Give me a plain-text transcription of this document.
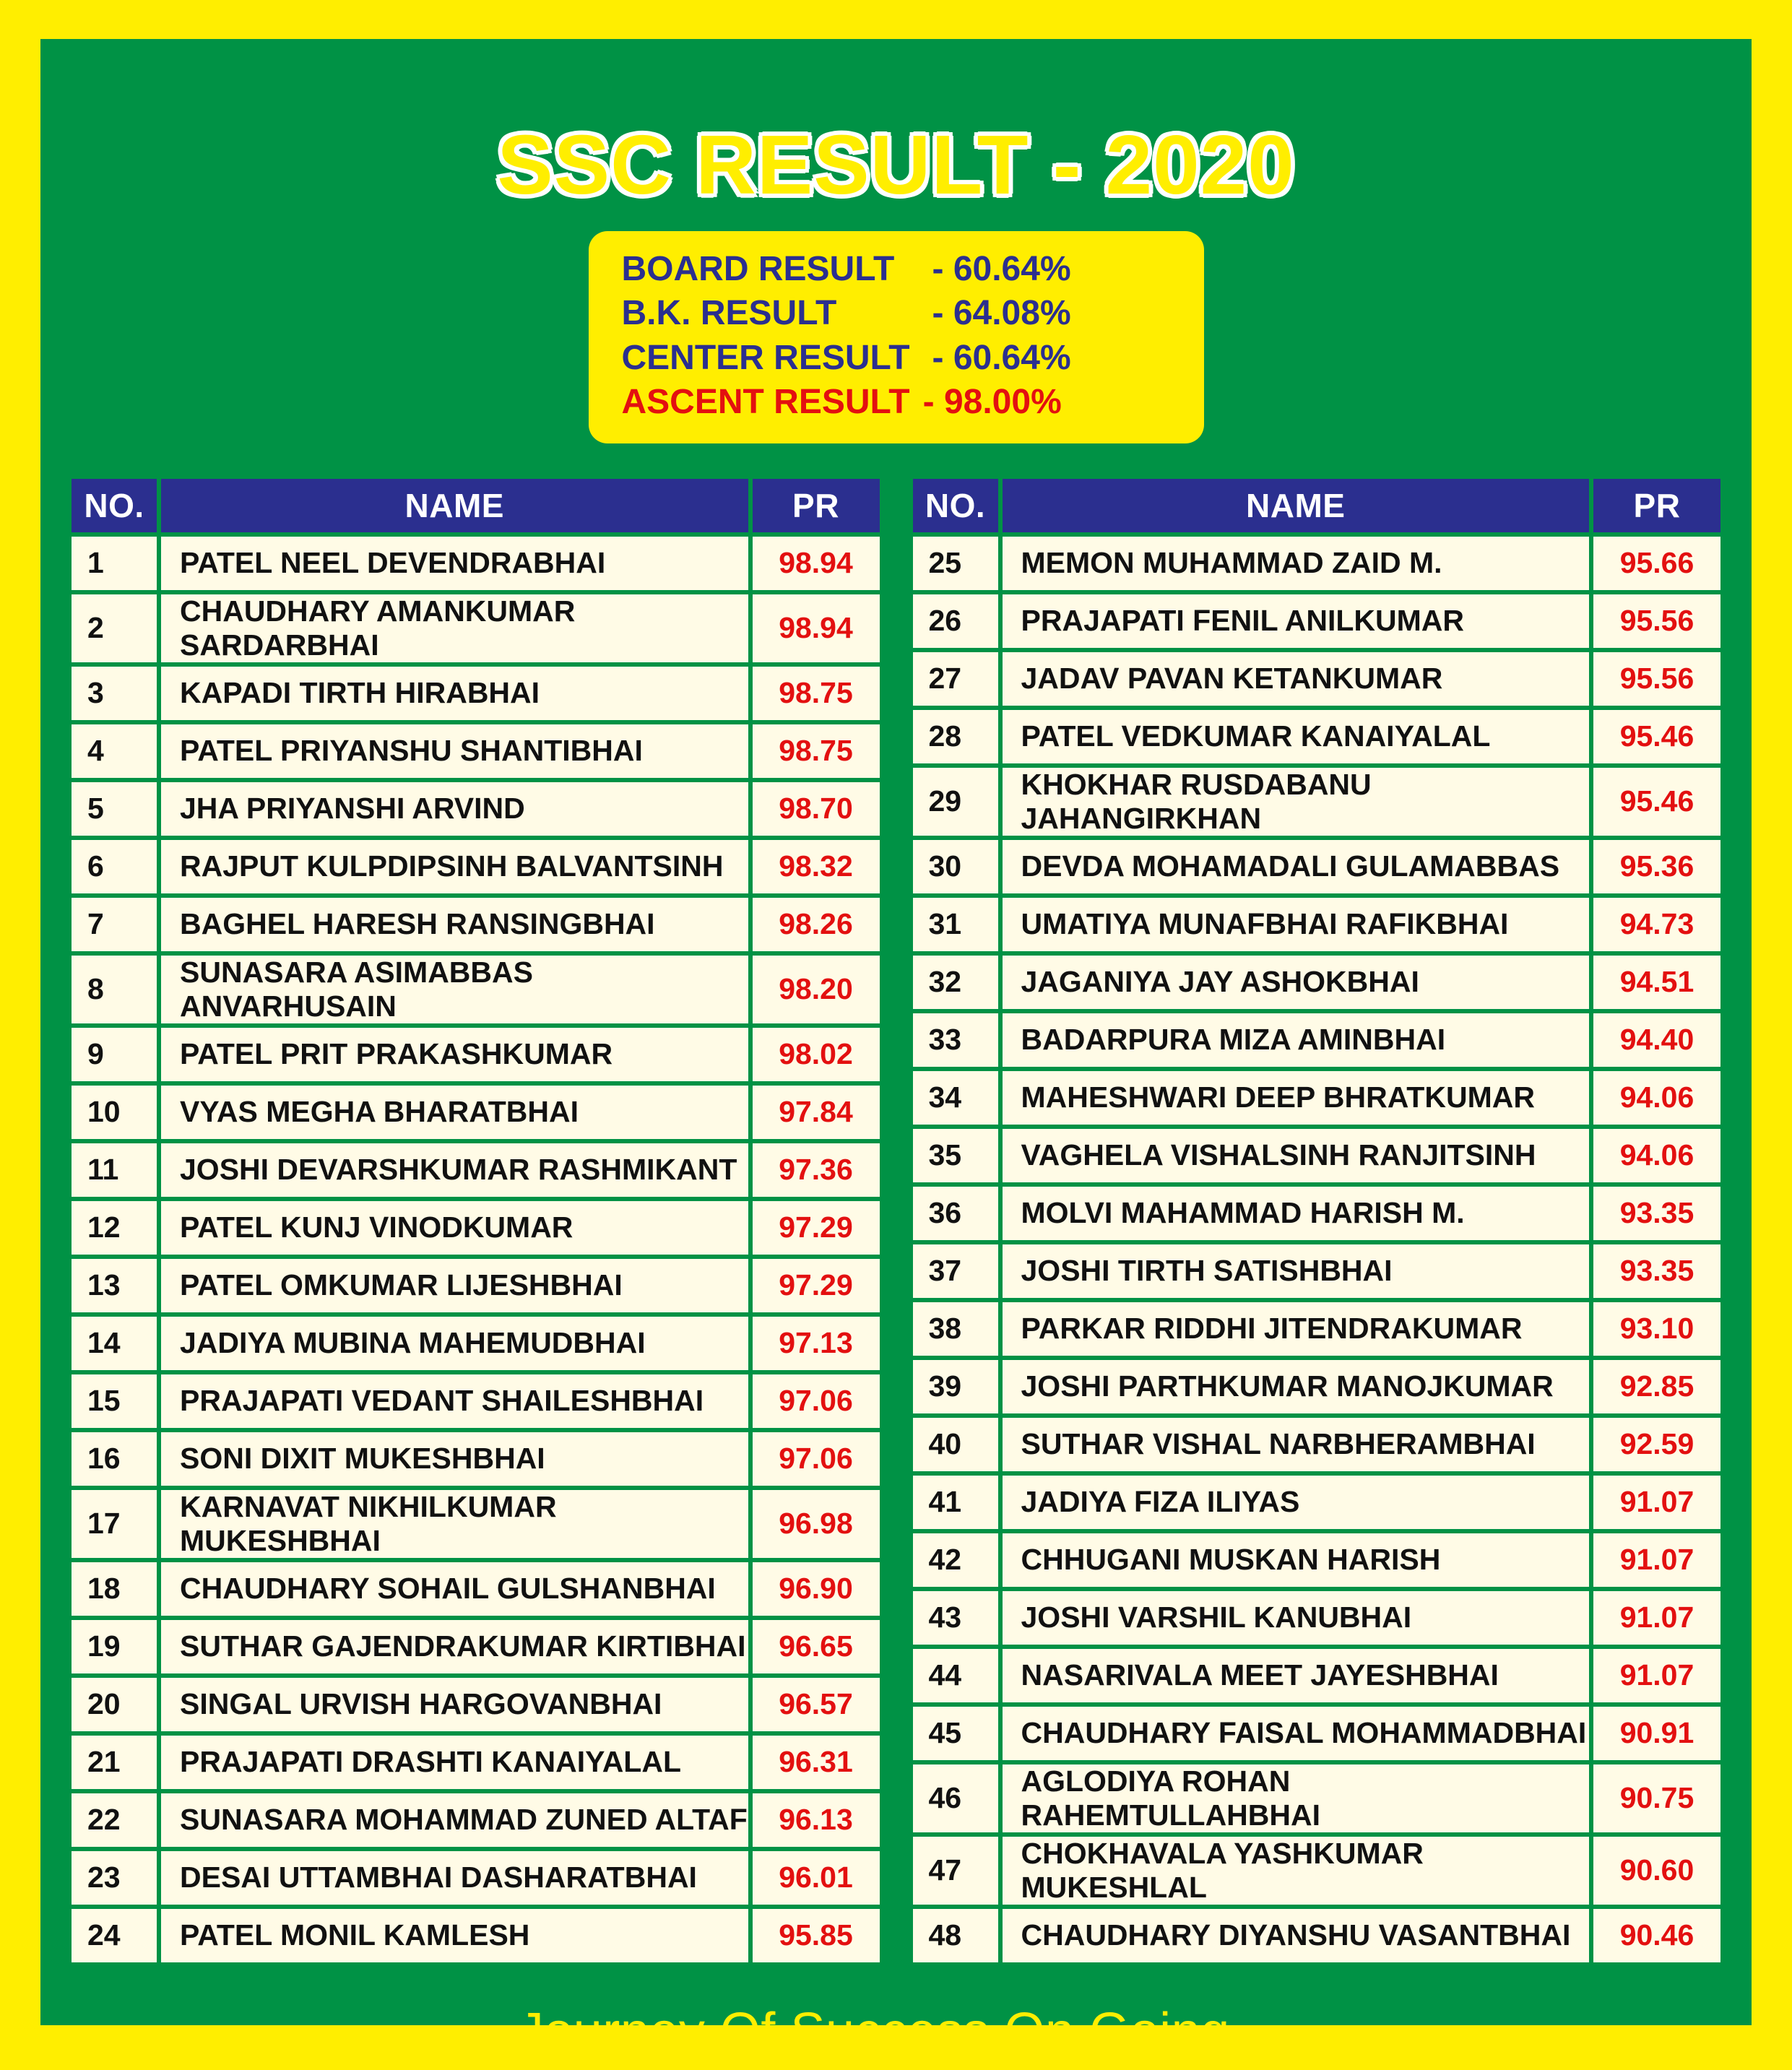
SSC RESULT - 2020
BOARD RESULT	- 60.64%
B.K. RESULT	- 64.08%
CENTER RESULT - 60.64%
ASCENT RESULT - 98.00%
NO.	NAME	PR
1	PATEL NEEL DEVENDRABHAI	98.94
2	CHAUDHARY AMANKUMAR SARDARBHAI	98.94
3	KAPADI TIRTH HIRABHAI	98.75
4	PATEL PRIYANSHU SHANTIBHAI	98.75
5	JHA PRIYANSHI ARVIND	98.70
6	RAJPUT KULPDIPSINH BALVANTSINH	98.32
7	BAGHEL HARESH RANSINGBHAI	98.26
8	SUNASARA ASIMABBAS ANVARHUSAIN	98.20
9	PATEL PRIT PRAKASHKUMAR	98.02
10	VYAS MEGHA BHARATBHAI	97.84
11	JOSHI DEVARSHKUMAR RASHMIKANT	97.36
12	PATEL KUNJ VINODKUMAR	97.29
13	PATEL OMKUMAR LIJESHBHAI	97.29
14	JADIYA MUBINA MAHEMUDBHAI	97.13
15	PRAJAPATI VEDANT SHAILESHBHAI	97.06
16	SONI DIXIT MUKESHBHAI	97.06
17	KARNAVAT NIKHILKUMAR MUKESHBHAI	96.98
18	CHAUDHARY SOHAIL GULSHANBHAI	96.90
19	SUTHAR GAJENDRAKUMAR KIRTIBHAI	96.65
20	SINGAL URVISH HARGOVANBHAI	96.57
21	PRAJAPATI DRASHTI KANAIYALAL	96.31
22	SUNASARA MOHAMMAD ZUNED ALTAF	96.13
23	DESAI UTTAMBHAI DASHARATBHAI	96.01
24	PATEL MONIL KAMLESH	95.85
NO.	NAME	PR
25	MEMON MUHAMMAD ZAID M.	95.66
26	PRAJAPATI FENIL ANILKUMAR	95.56
27	JADAV PAVAN KETANKUMAR	95.56
28	PATEL VEDKUMAR KANAIYALAL	95.46
29	KHOKHAR RUSDABANU JAHANGIRKHAN	95.46
30	DEVDA MOHAMADALI GULAMABBAS	95.36
31	UMATIYA MUNAFBHAI RAFIKBHAI	94.73
32	JAGANIYA JAY ASHOKBHAI	94.51
33	BADARPURA MIZA AMINBHAI	94.40
34	MAHESHWARI DEEP BHRATKUMAR	94.06
35	VAGHELA VISHALSINH RANJITSINH	94.06
36	MOLVI MAHAMMAD HARISH M.	93.35
37	JOSHI TIRTH SATISHBHAI	93.35
38	PARKAR RIDDHI JITENDRAKUMAR	93.10
39	JOSHI PARTHKUMAR MANOJKUMAR	92.85
40	SUTHAR VISHAL NARBHERAMBHAI	92.59
41	JADIYA FIZA ILIYAS	91.07
42	CHHUGANI MUSKAN HARISH	91.07
43	JOSHI VARSHIL KANUBHAI	91.07
44	NASARIVALA MEET JAYESHBHAI	91.07
45	CHAUDHARY FAISAL MOHAMMADBHAI	90.91
46	AGLODIYA ROHAN RAHEMTULLAHBHAI	90.75
47	CHOKHAVALA YASHKUMAR MUKESHLAL	90.60
48	CHAUDHARY DIYANSHU VASANTBHAI	90.46
Journey Of Success On Going...
